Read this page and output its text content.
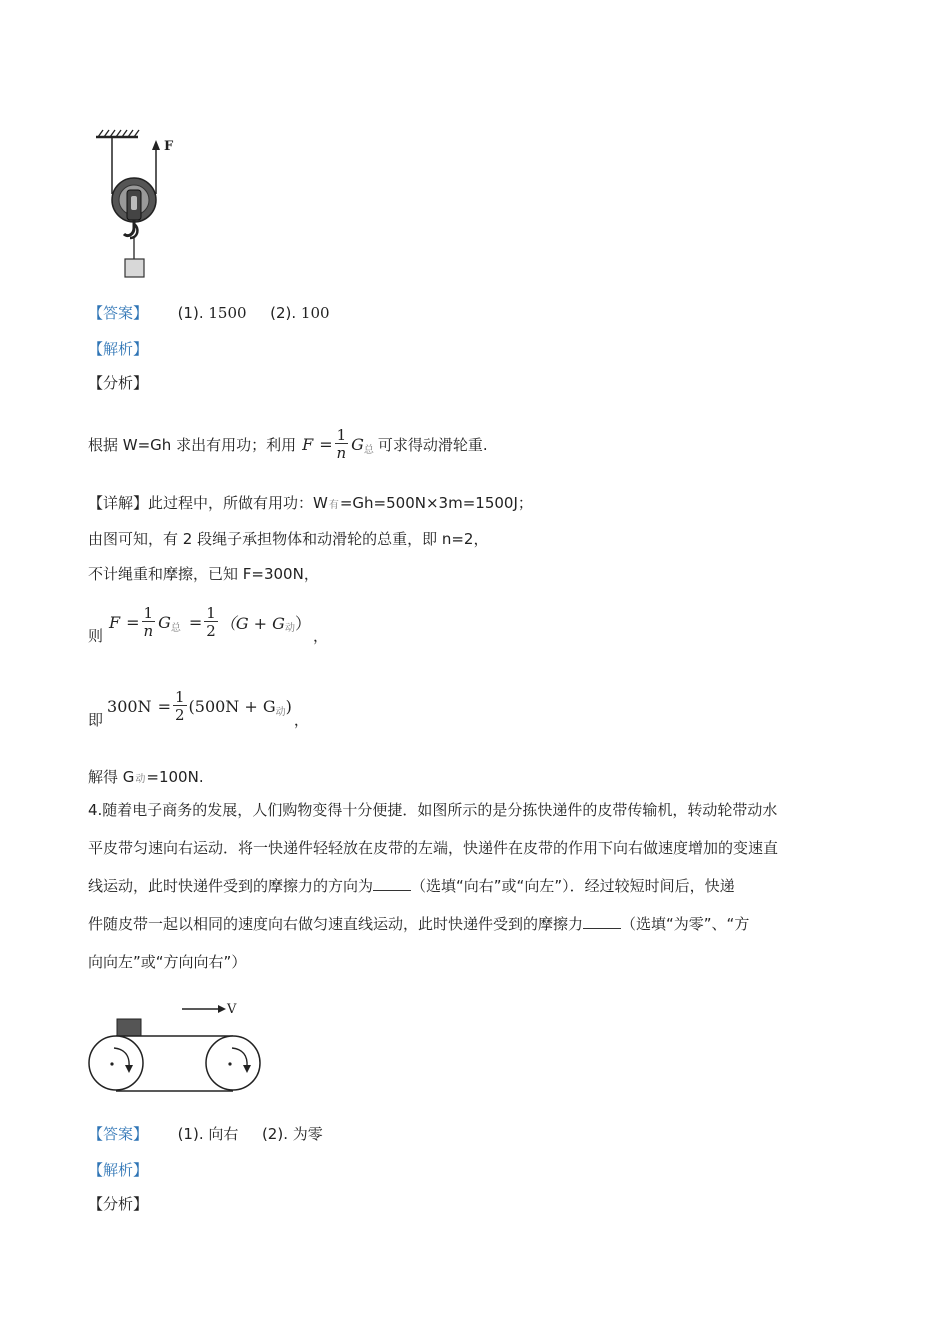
F
【答案】 (1). 1500 (2). 100
【解析】
【分析】
根据 W=Gh 求出有用功；利用 $F = \frac{1}{n}$ G 总 可求得动滑轮重.
【详解】此过程中，所做有用功：W有=Gh=500N×3m=1500J；
由图可知，有 2 段绳子承担物体和动滑轮的总重，即 n=2，
不计绳重和摩擦，已知 F=300N，
则
$F = \frac{1}{n}$ G 总 = $\frac{1}{2} (G + G$ 动 ）
，
即
$300N = \frac{1}{2} (500N + G$ 动 )
，
解得 G动=100N.
4.随着电子商务的发展，人们购物变得十分便捷．如图所示的是分拣快递件的皮带传输机，转动轮带动水
平皮带匀速向右运动．将一快递件轻轻放在皮带的左端，快递件在皮带的作用下向右做速度增加的变速直
线运动，此时快递件受到的摩擦力的方向为	（选填“向右”或“向左”）．经过较短时间后，快递
件随皮带一起以相同的速度向右做匀速直线运动，此时快递件受到的摩擦力	（选填“为零”、“方
向向左”或“方向向右”）
V
【答案】 (1). 向右 (2). 为零
【解析】
【分析】
